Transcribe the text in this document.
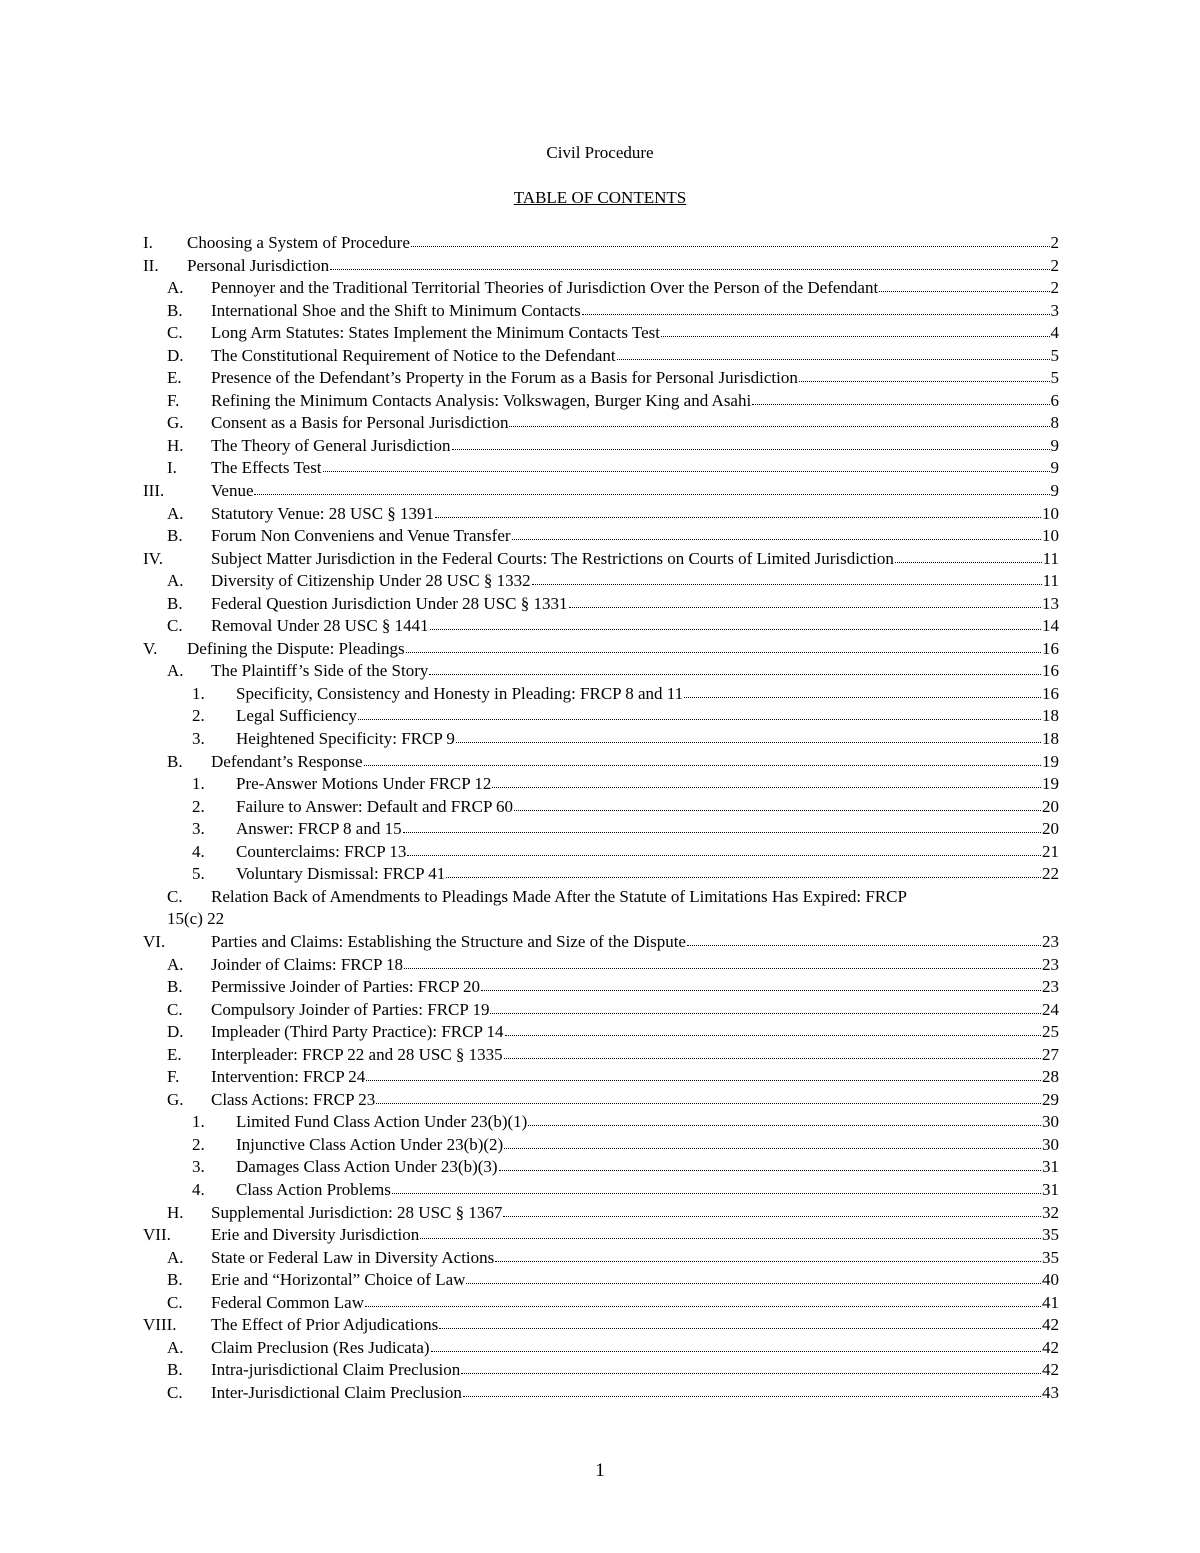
Civil Procedure
TABLE OF CONTENTS
I.	Choosing a System of Procedure	2
II.	Personal Jurisdiction	2
A.	Pennoyer and the Traditional Territorial Theories of Jurisdiction Over the Person of the Defendant	2
B.	International Shoe and the Shift to Minimum Contacts	3
C.	Long Arm Statutes: States Implement the Minimum Contacts Test	4
D.	The Constitutional Requirement of Notice to the Defendant	5
E.	Presence of the Defendant’s Property in the Forum as a Basis for Personal Jurisdiction	5
F.	Refining the Minimum Contacts Analysis: Volkswagen, Burger King and Asahi	6
G.	Consent as a Basis for Personal Jurisdiction	8
H.	The Theory of General Jurisdiction	9
I.	The Effects Test	9
III.	Venue	9
A.	Statutory Venue: 28 USC § 1391	10
B.	Forum Non Conveniens and Venue Transfer	10
IV.	Subject Matter Jurisdiction in the Federal Courts: The Restrictions on Courts of Limited Jurisdiction	11
A.	Diversity of Citizenship Under 28 USC § 1332	11
B.	Federal Question Jurisdiction Under 28 USC § 1331	13
C.	Removal Under 28 USC § 1441	14
V.	Defining the Dispute: Pleadings	16
A.	The Plaintiff’s Side of the Story	16
1.	Specificity, Consistency and Honesty in Pleading: FRCP 8 and 11	16
2.	Legal Sufficiency	18
3.	Heightened Specificity: FRCP 9	18
B.	Defendant’s Response	19
1.	Pre-Answer Motions Under FRCP 12	19
2.	Failure to Answer: Default and FRCP 60	20
3.	Answer: FRCP 8 and 15	20
4.	Counterclaims: FRCP 13	21
5.	Voluntary Dismissal: FRCP 41	22
C.	Relation Back of Amendments to Pleadings Made After the Statute of Limitations Has Expired: FRCP
15(c) 22
VI.	Parties and Claims: Establishing the Structure and Size of the Dispute	23
A.	Joinder of Claims: FRCP 18	23
B.	Permissive Joinder of Parties: FRCP 20	23
C.	Compulsory Joinder of Parties: FRCP 19	24
D.	Impleader (Third Party Practice): FRCP 14	25
E.	Interpleader: FRCP 22 and 28 USC § 1335	27
F.	Intervention: FRCP 24	28
G.	Class Actions: FRCP 23	29
1.	Limited Fund Class Action Under 23(b)(1)	30
2.	Injunctive Class Action Under 23(b)(2)	30
3.	Damages Class Action Under 23(b)(3)	31
4.	Class Action Problems	31
H.	Supplemental Jurisdiction: 28 USC § 1367	32
VII.	Erie and Diversity Jurisdiction	35
A.	State or Federal Law in Diversity Actions	35
B.	Erie and “Horizontal” Choice of Law	40
C.	Federal Common Law	41
VIII.	The Effect of Prior Adjudications	42
A.	Claim Preclusion (Res Judicata)	42
B.	Intra-jurisdictional Claim Preclusion	42
C.	Inter-Jurisdictional Claim Preclusion	43
1
